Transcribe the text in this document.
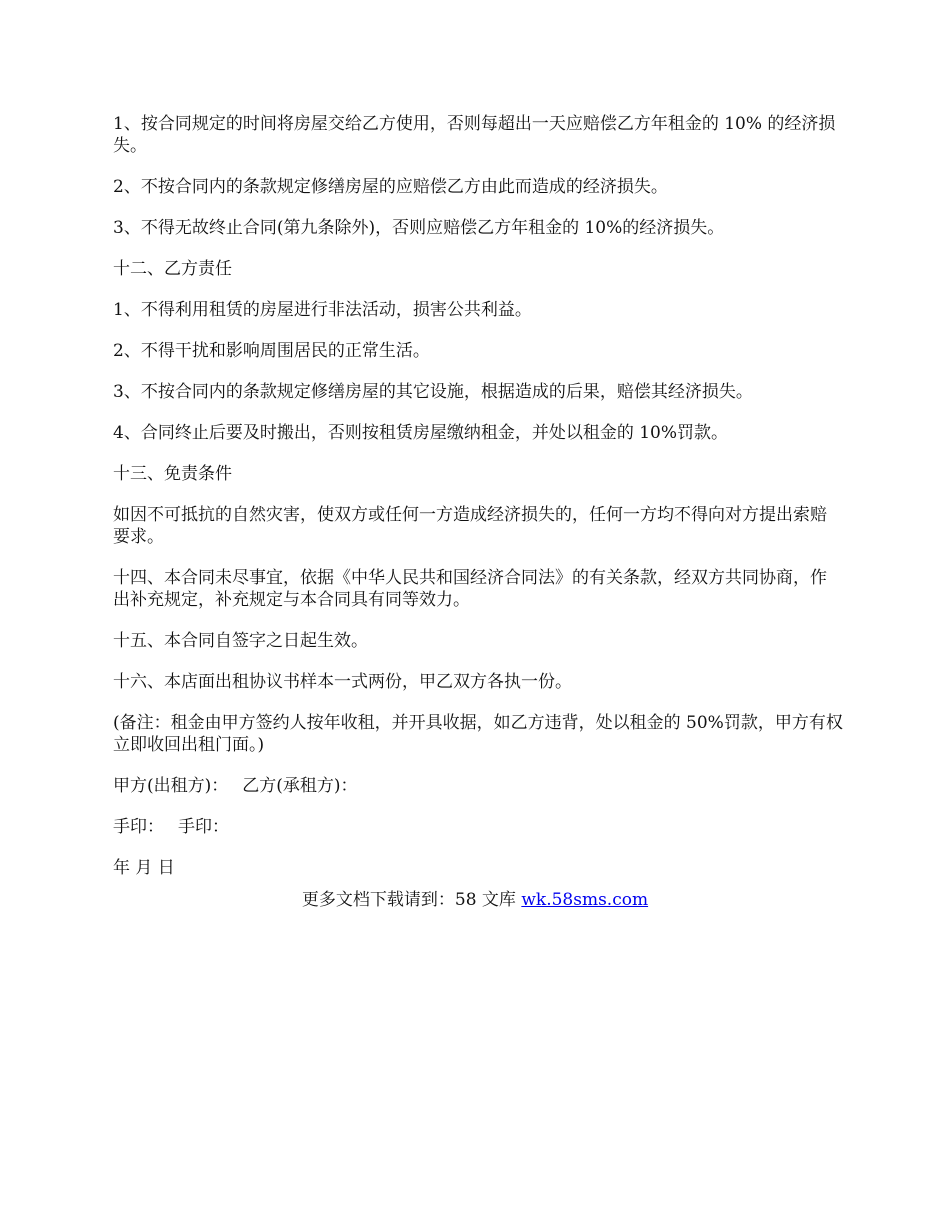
1、按合同规定的时间将房屋交给乙方使用，否则每超出一天应赔偿乙方年租金的 10% 的经济损失。

2、不按合同内的条款规定修缮房屋的应赔偿乙方由此而造成的经济损失。

3、不得无故终止合同(第九条除外)，否则应赔偿乙方年租金的 10%的经济损失。

十二、乙方责任

1、不得利用租赁的房屋进行非法活动，损害公共利益。

2、不得干扰和影响周围居民的正常生活。

3、不按合同内的条款规定修缮房屋的其它设施，根据造成的后果，赔偿其经济损失。

4、合同终止后要及时搬出，否则按租赁房屋缴纳租金，并处以租金的 10%罚款。

十三、免责条件

如因不可抵抗的自然灾害，使双方或任何一方造成经济损失的，任何一方均不得向对方提出索赔要求。

十四、本合同未尽事宜，依据《中华人民共和国经济合同法》的有关条款，经双方共同协商，作出补充规定，补充规定与本合同具有同等效力。

十五、本合同自签字之日起生效。

十六、本店面出租协议书样本一式两份，甲乙双方各执一份。

(备注：租金由甲方签约人按年收租，并开具收据，如乙方违背，处以租金的 50%罚款，甲方有权立即收回出租门面。)

甲方(出租方)： 乙方(承租方)：

手印： 手印：

年 月 日

更多文档下载请到：58 文库 wk.58sms.com
